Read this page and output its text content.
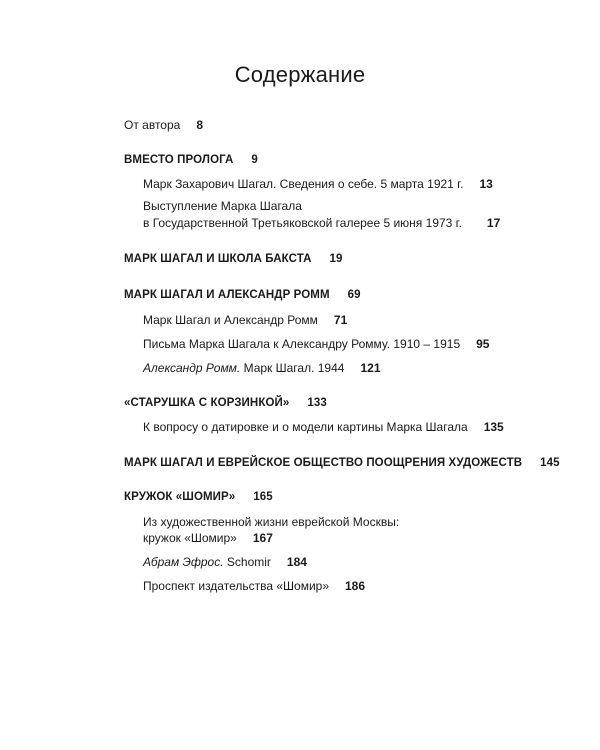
Содержание
От автора 8
ВМЕСТО ПРОЛОГА 9
Марк Захарович Шагал. Сведения о себе. 5 марта 1921 г. 13
Выступление Марка Шагала
в Государственной Третьяковской галерее 5 июня 1973 г. 17
МАРК ШАГАЛ И ШКОЛА БАКСТА 19
МАРК ШАГАЛ И АЛЕКСАНДР РОММ 69
Марк Шагал и Александр Ромм 71
Письма Марка Шагала к Александру Ромму. 1910 – 1915 95
Александр Ромм. Марк Шагал. 1944 121
«СТАРУШКА С КОРЗИНКОЙ» 133
К вопросу о датировке и о модели картины Марка Шагала 135
МАРК ШАГАЛ И ЕВРЕЙСКОЕ ОБЩЕСТВО ПООЩРЕНИЯ ХУДОЖЕСТВ 145
КРУЖОК «ШОМИР» 165
Из художественной жизни еврейской Москвы:
кружок «Шомир» 167
Абрам Эфрос. Schomir 184
Проспект издательства «Шомир» 186
